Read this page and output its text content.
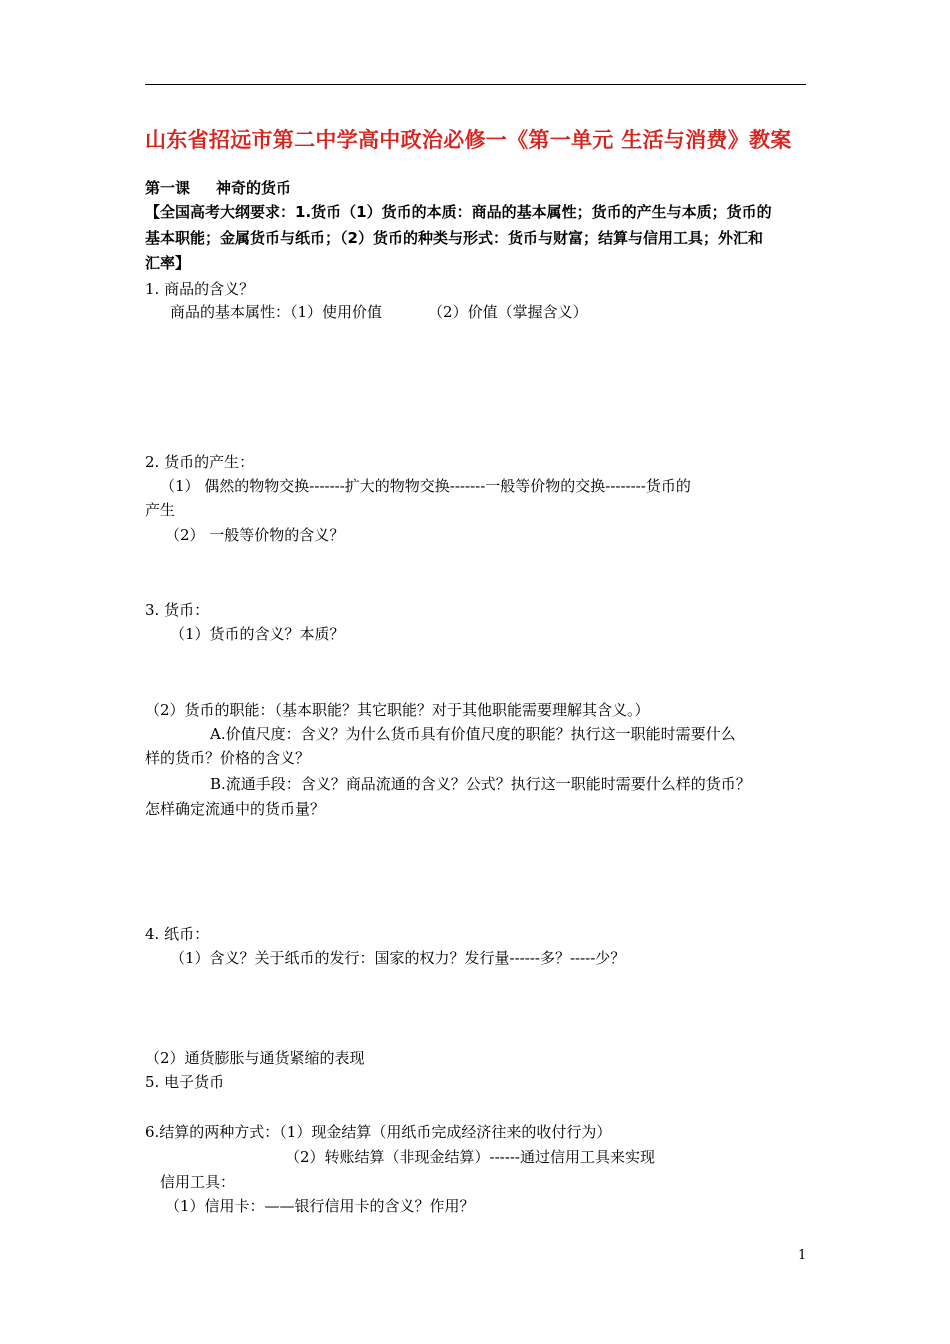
山东省招远市第二中学高中政治必修一《第一单元 生活与消费》教案
第一课 神奇的货币
【全国高考大纲要求：1.货币（1）货币的本质：商品的基本属性；货币的产生与本质；货币的
基本职能；金属货币与纸币；（2）货币的种类与形式：货币与财富；结算与信用工具；外汇和
汇率】
1. 商品的含义？
商品的基本属性：（1）使用价值	（2）价值（掌握含义）
2. 货币的产生：
（1） 偶然的物物交换-------扩大的物物交换-------一般等价物的交换--------货币的
产生
（2） 一般等价物的含义？
3. 货币：
（1）货币的含义？本质？
（2）货币的职能：（基本职能？其它职能？对于其他职能需要理解其含义。）
A.价值尺度：含义？为什么货币具有价值尺度的职能？执行这一职能时需要什么
样的货币？价格的含义？
B.流通手段：含义？商品流通的含义？公式？执行这一职能时需要什么样的货币？
怎样确定流通中的货币量？
4. 纸币：
（1）含义？关于纸币的发行：国家的权力？发行量------多？-----少？
（2）通货膨胀与通货紧缩的表现
5. 电子货币
6.结算的两种方式：（1）现金结算（用纸币完成经济往来的收付行为）
（2）转账结算（非现金结算）------通过信用工具来实现
信用工具：
（1）信用卡：——银行信用卡的含义？作用？
1
